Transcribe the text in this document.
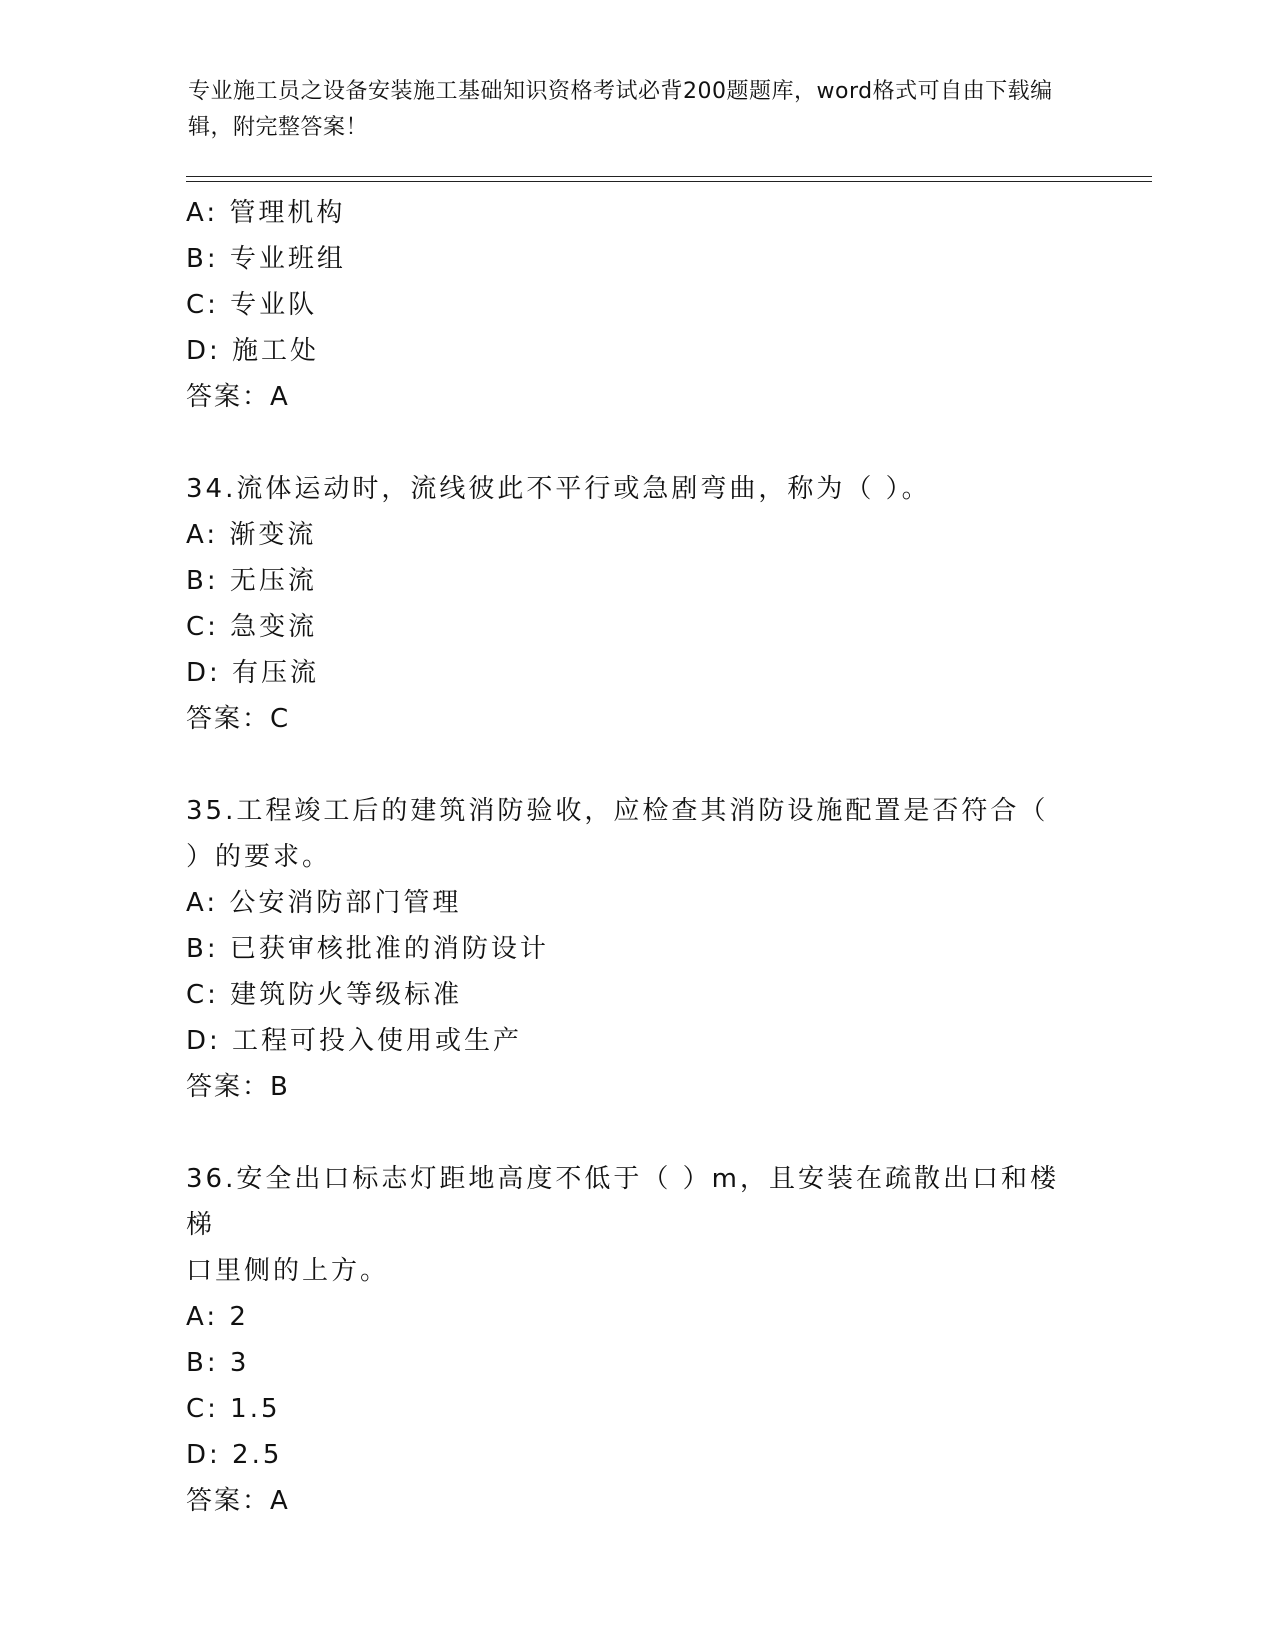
专业施工员之设备安装施工基础知识资格考试必背200题题库，word格式可自由下载编辑，附完整答案！
A: 管理机构
B: 专业班组
C: 专业队
D: 施工处
答案：A
34.流体运动时，流线彼此不平行或急剧弯曲，称为（ ）。
A: 渐变流
B: 无压流
C: 急变流
D: 有压流
答案：C
35.工程竣工后的建筑消防验收，应检查其消防设施配置是否符合（
）的要求。
A: 公安消防部门管理
B: 已获审核批准的消防设计
C: 建筑防火等级标准
D: 工程可投入使用或生产
答案：B
36.安全出口标志灯距地高度不低于（ ）m，且安装在疏散出口和楼梯
口里侧的上方。
A: 2
B: 3
C: 1.5
D: 2.5
答案：A
